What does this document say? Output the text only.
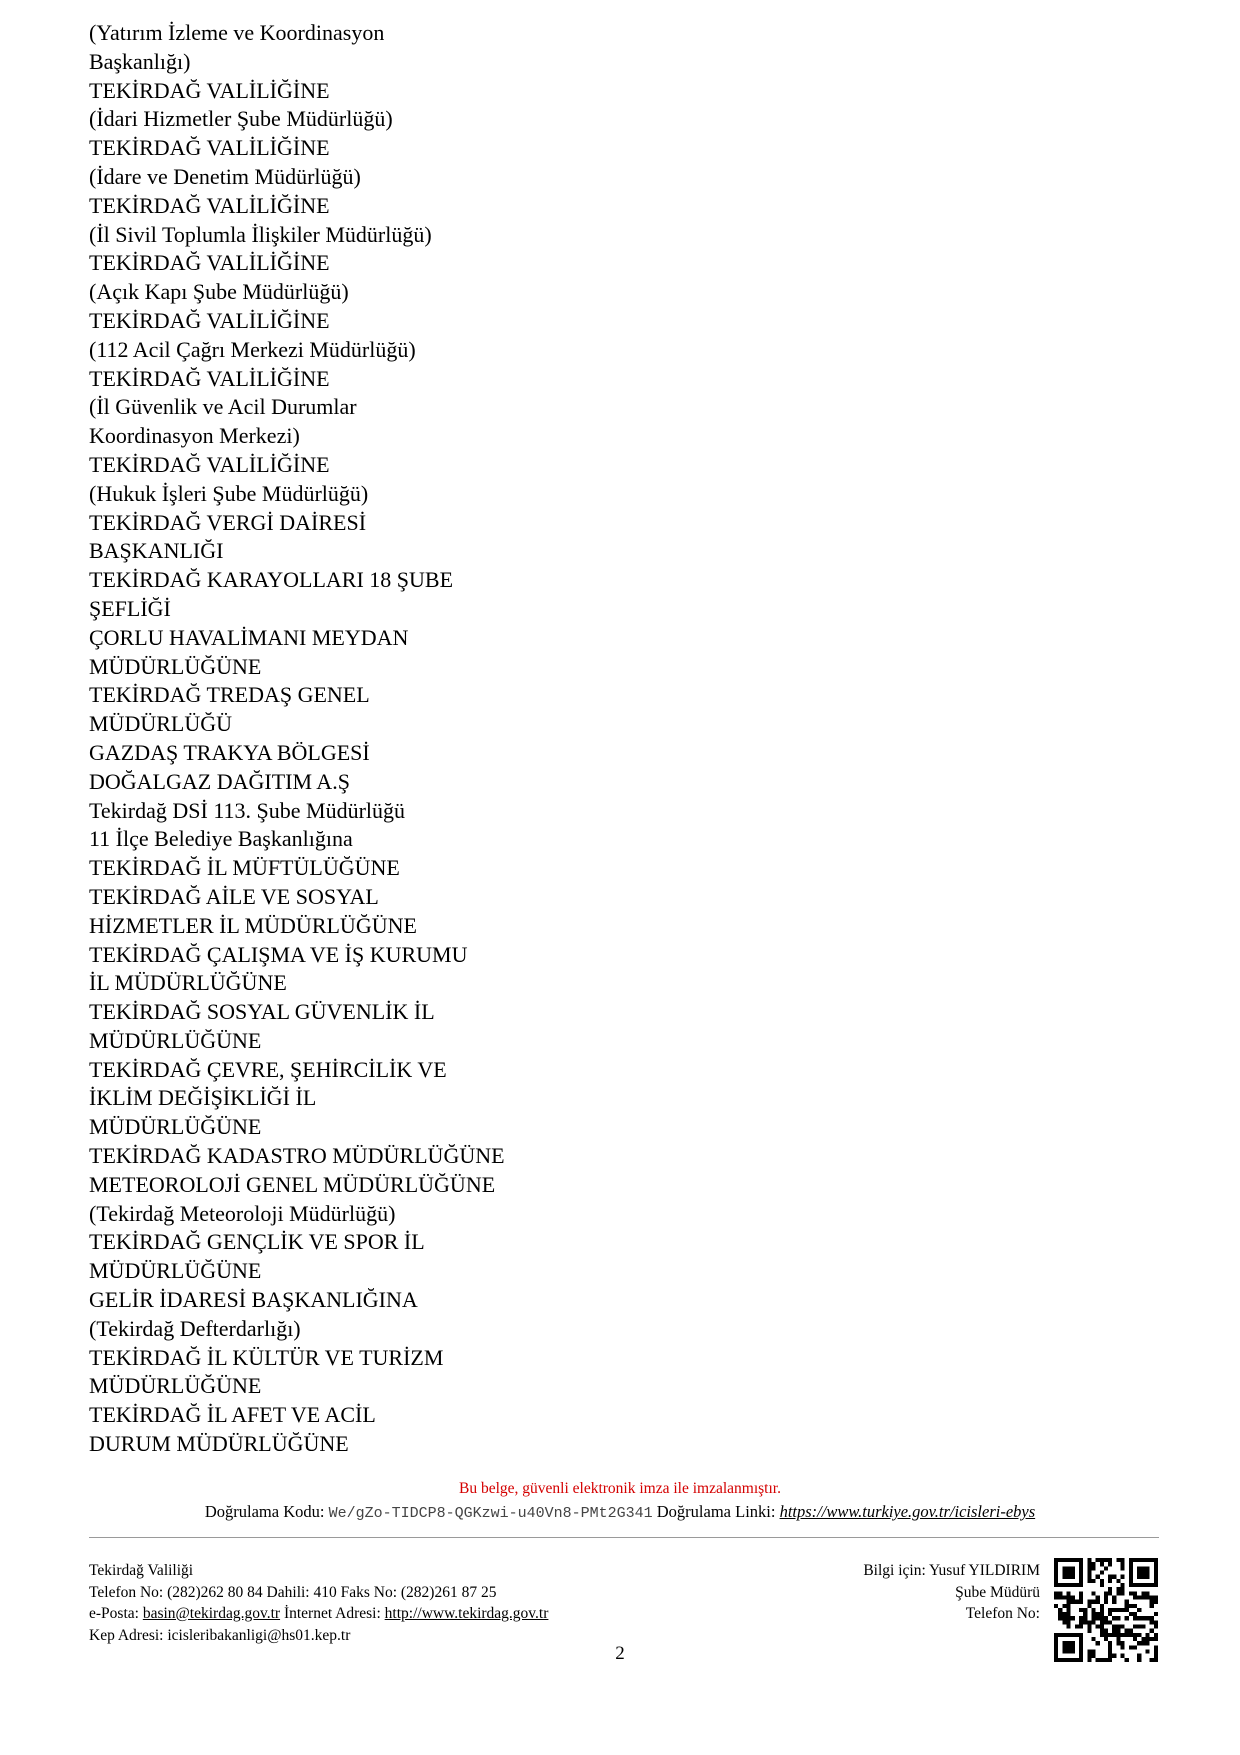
(Yatırım İzleme ve Koordinasyon
Başkanlığı)
TEKİRDAĞ VALİLİĞİNE
(İdari Hizmetler Şube Müdürlüğü)
TEKİRDAĞ VALİLİĞİNE
(İdare ve Denetim Müdürlüğü)
TEKİRDAĞ VALİLİĞİNE
(İl Sivil Toplumla İlişkiler Müdürlüğü)
TEKİRDAĞ VALİLİĞİNE
(Açık Kapı Şube Müdürlüğü)
TEKİRDAĞ VALİLİĞİNE
(112 Acil Çağrı Merkezi Müdürlüğü)
TEKİRDAĞ VALİLİĞİNE
(İl Güvenlik ve Acil Durumlar
Koordinasyon Merkezi)
TEKİRDAĞ VALİLİĞİNE
(Hukuk İşleri Şube Müdürlüğü)
TEKİRDAĞ VERGİ DAİRESİ
BAŞKANLIĞI
TEKİRDAĞ KARAYOLLARI 18 ŞUBE
ŞEFLİĞİ
ÇORLU HAVALİMANI MEYDAN
MÜDÜRLÜĞÜNE
TEKİRDAĞ TREDAŞ GENEL
MÜDÜRLÜĞÜ
GAZDAŞ TRAKYA BÖLGESİ
DOĞALGAZ DAĞITIM A.Ş
Tekirdağ DSİ 113. Şube Müdürlüğü
11 İlçe Belediye Başkanlığına
TEKİRDAĞ İL MÜFTÜLÜĞÜNE
TEKİRDAĞ AİLE VE SOSYAL
HİZMETLER İL MÜDÜRLÜĞÜNE
TEKİRDAĞ ÇALIŞMA VE İŞ KURUMU
İL MÜDÜRLÜĞÜNE
TEKİRDAĞ SOSYAL GÜVENLİK İL
MÜDÜRLÜĞÜNE
TEKİRDAĞ ÇEVRE, ŞEHİRCİLİK VE
İKLİM DEĞİŞİKLİĞİ İL
MÜDÜRLÜĞÜNE
TEKİRDAĞ KADASTRO MÜDÜRLÜĞÜNE
METEOROLOJİ GENEL MÜDÜRLÜĞÜNE
(Tekirdağ Meteoroloji Müdürlüğü)
TEKİRDAĞ GENÇLİK VE SPOR İL
MÜDÜRLÜĞÜNE
GELİR İDARESİ BAŞKANLIĞINA
(Tekirdağ Defterdarlığı)
TEKİRDAĞ İL KÜLTÜR VE TURİZM
MÜDÜRLÜĞÜNE
TEKİRDAĞ İL AFET VE ACİL
DURUM MÜDÜRLÜĞÜNE
Bu belge, güvenli elektronik imza ile imzalanmıştır.
Doğrulama Kodu: We/gZo-TIDCP8-QGKzwi-u40Vn8-PMt2G341 Doğrulama Linki: https://www.turkiye.gov.tr/icisleri-ebys
Tekirdağ Valiliği
Telefon No: (282)262 80 84 Dahili: 410 Faks No: (282)261 87 25
e-Posta: basin@tekirdag.gov.tr İnternet Adresi: http://www.tekirdag.gov.tr
Kep Adresi: icisleribakanligi@hs01.kep.tr
Bilgi için: Yusuf YILDIRIM
Şube Müdürü
Telefon No:
2
